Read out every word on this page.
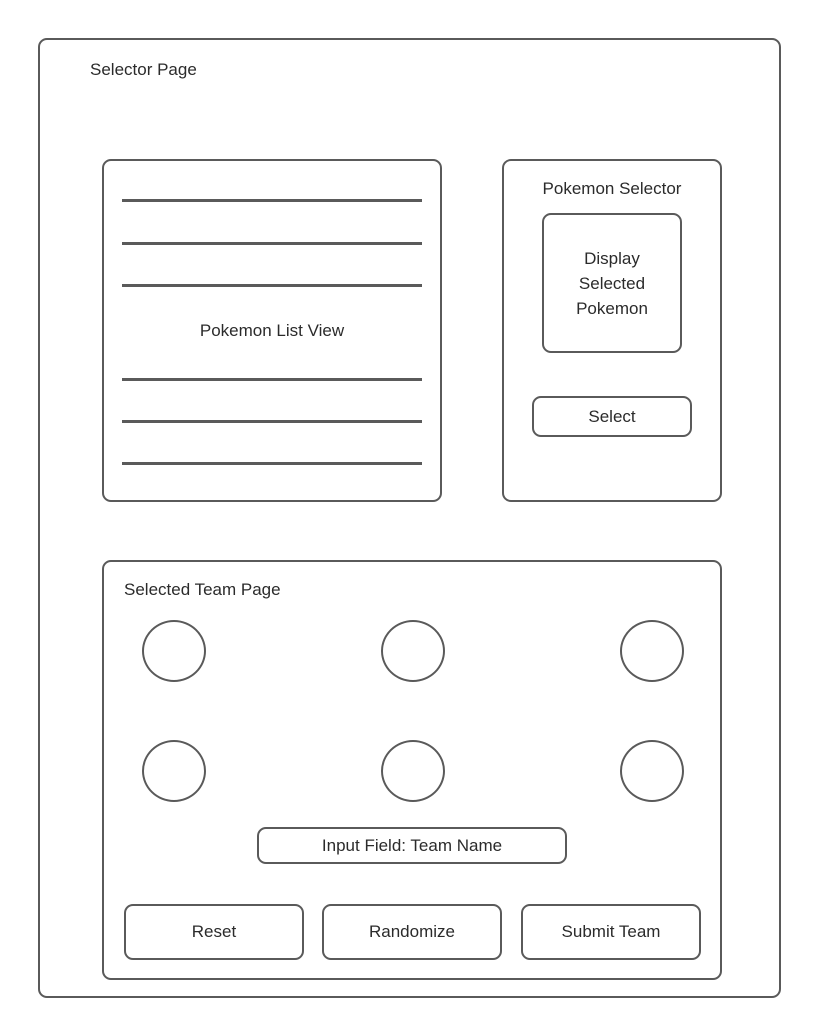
Selector Page
Pokemon List View
Pokemon Selector
Display
Selected
Pokemon
Select
Selected Team Page
Input Field: Team Name
Reset	Randomize	Submit Team
